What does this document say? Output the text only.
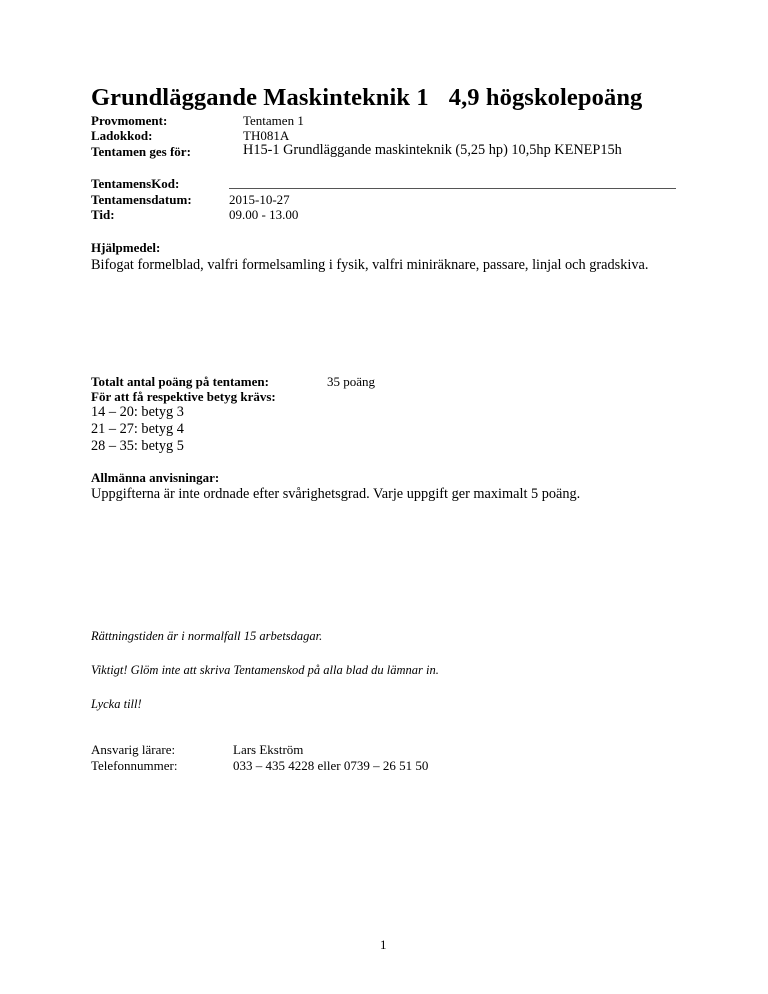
Grundläggande Maskinteknik 1 4,9 högskolepoäng
Provmoment:	Tentamen 1
Ladokkod:	TH081A
Tentamen ges för:	H15-1 Grundläggande maskinteknik (5,25 hp) 10,5hp KENEP15h
TentamensKod:
Tentamensdatum:	2015-10-27
Tid:	09.00 - 13.00
Hjälpmedel:
Bifogat formelblad, valfri formelsamling i fysik, valfri miniräknare, passare, linjal och gradskiva.
Totalt antal poäng på tentamen:	35 poäng
För att få respektive betyg krävs:
14 – 20: betyg 3
21 – 27: betyg 4
28 – 35: betyg 5
Allmänna anvisningar:
Uppgifterna är inte ordnade efter svårighetsgrad. Varje uppgift ger maximalt 5 poäng.
Rättningstiden är i normalfall 15 arbetsdagar.
Viktigt! Glöm inte att skriva Tentamenskod på alla blad du lämnar in.
Lycka till!
Ansvarig lärare:	Lars Ekström
Telefonnummer:	033 – 435 4228 eller 0739 – 26 51 50
1
